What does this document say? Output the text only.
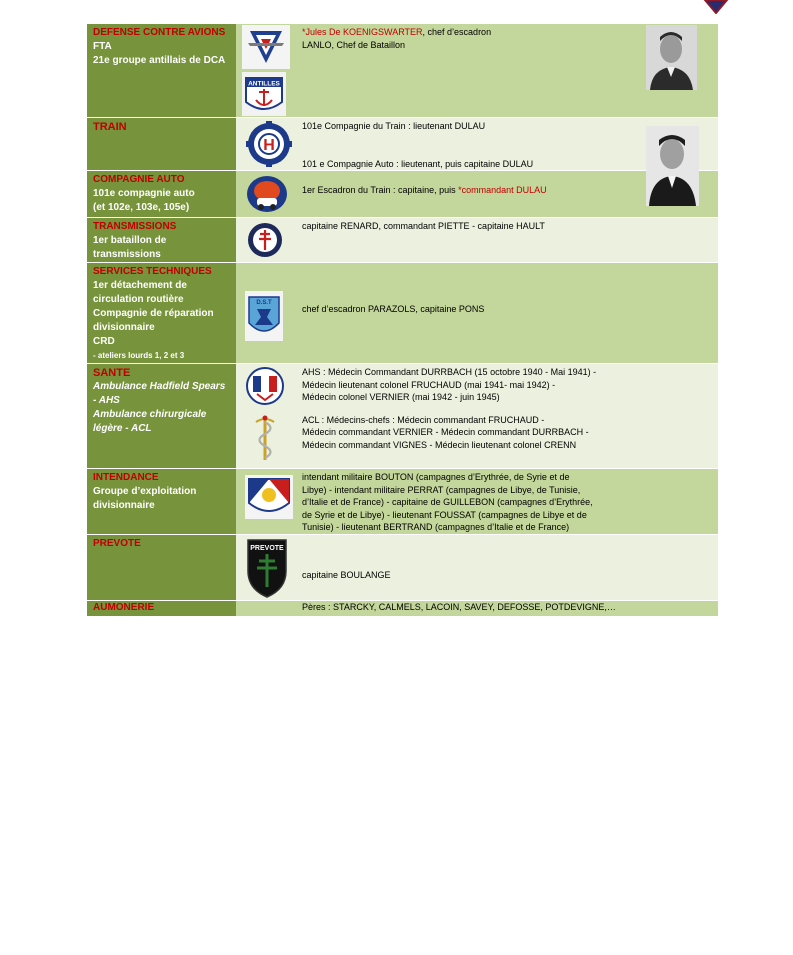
DEFENSE CONTRE AVIONS
FTA
21e groupe antillais de DCA
ANTILLES
*Jules De KOENIGSWARTER, chef d’escadron
LANLO, Chef de Bataillon
TRAIN
H
101e Compagnie du Train : lieutenant DULAU
101 e Compagnie Auto : lieutenant, puis capitaine DULAU
COMPAGNIE AUTO
101e compagnie auto
(et 102e, 103e, 105e)
1er Escadron du Train : capitaine, puis *commandant DULAU
TRANSMISSIONS
1er bataillon de transmissions
capitaine RENARD, commandant PIETTE - capitaine HAULT
SERVICES TECHNIQUES
1er détachement de circulation routière
Compagnie de réparation divisionnaire
CRD
- ateliers lourds 1, 2 et 3
D.S.T
chef d’escadron PARAZOLS, capitaine PONS
SANTE
Ambulance Hadfield Spears - AHS
Ambulance chirurgicale légère - ACL
AHS : Médecin Commandant DURRBACH (15 octobre 1940 - Mai 1941) -
Médecin lieutenant colonel FRUCHAUD (mai 1941- mai 1942) -
Médecin colonel VERNIER (mai 1942 - juin 1945)
ACL : Médecins-chefs : Médecin commandant FRUCHAUD -
Médecin commandant VERNIER - Médecin commandant DURRBACH -
Médecin commandant VIGNES - Médecin lieutenant colonel CRENN
INTENDANCE
Groupe d’exploitation divisionnaire
intendant militaire BOUTON (campagnes d’Erythrée, de Syrie et de
Libye) - intendant militaire PERRAT (campagnes de Libye, de Tunisie,
d’Italie et de France) - capitaine de GUILLEBON (campagnes d’Erythrée,
de Syrie et de Libye) - lieutenant FOUSSAT (campagnes de Libye et de
Tunisie) - lieutenant BERTRAND (campagnes d’Italie et de France)
PREVOTE	PREVOTE
capitaine BOULANGE
AUMONERIE	Pères : STARCKY, CALMELS, LACOIN, SAVEY, DEFOSSE, POTDEVIGNE,…
